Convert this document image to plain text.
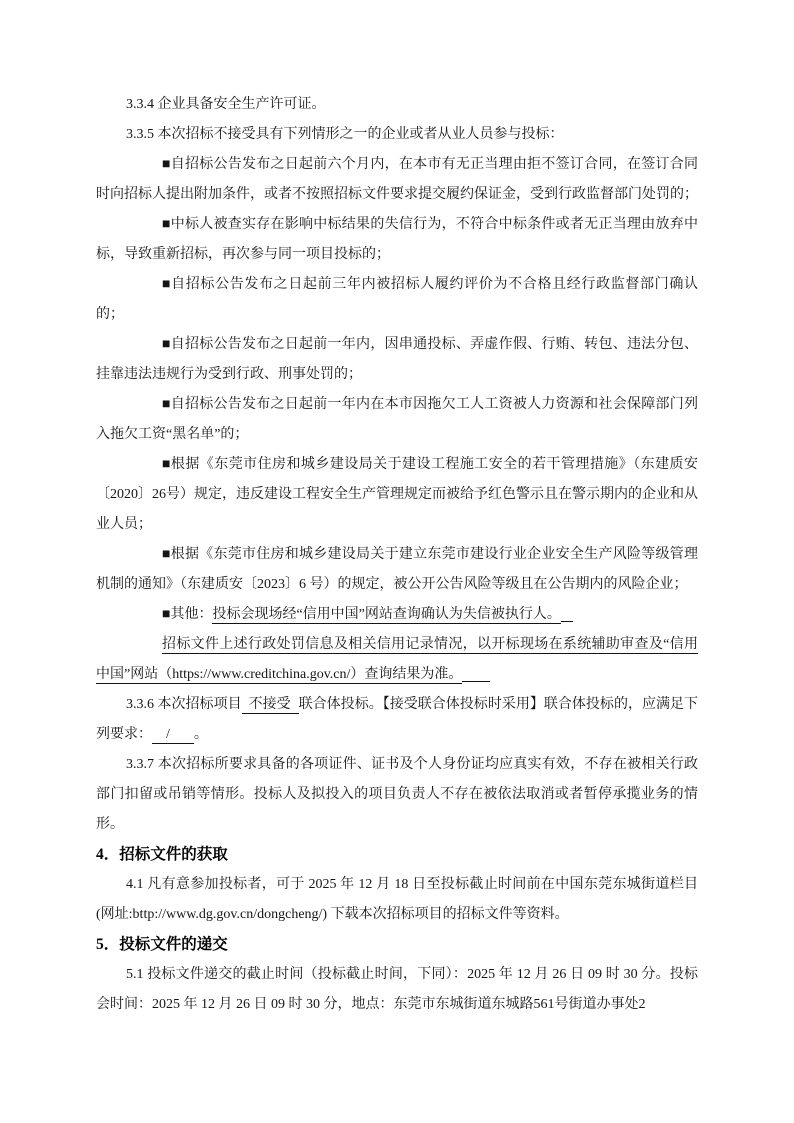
3.3.4 企业具备安全生产许可证。

3.3.5 本次招标不接受具有下列情形之一的企业或者从业人员参与投标：

■自招标公告发布之日起前六个月内，在本市有无正当理由拒不签订合同，在签订合同时向招标人提出附加条件，或者不按照招标文件要求提交履约保证金，受到行政监督部门处罚的；

■中标人被查实存在影响中标结果的失信行为，不符合中标条件或者无正当理由放弃中标，导致重新招标，再次参与同一项目投标的；

■自招标公告发布之日起前三年内被招标人履约评价为不合格且经行政监督部门确认的；

■自招标公告发布之日起前一年内，因串通投标、弄虚作假、行贿、转包、违法分包、挂靠违法违规行为受到行政、刑事处罚的；

■自招标公告发布之日起前一年内在本市因拖欠工人工资被人力资源和社会保障部门列入拖欠工资“黑名单”的；

■根据《东莞市住房和城乡建设局关于建设工程施工安全的若干管理措施》（东建质安〔2020〕26号）规定，违反建设工程安全生产管理规定而被给予红色警示且在警示期内的企业和从业人员；

■根据《东莞市住房和城乡建设局关于建立东莞市建设行业企业安全生产风险等级管理机制的通知》（东建质安〔2023〕6 号）的规定，被公开公告风险等级且在公告期内的风险企业；

■其他：投标会现场经“信用中国”网站查询确认为失信被执行人。

招标文件上述行政处罚信息及相关信用记录情况，以开标现场在系统辅助审查及“信用中国”网站（https://www.creditchina.gov.cn/）查询结果为准。

3.3.6 本次招标项目 不接受 联合体投标。【接受联合体投标时采用】联合体投标的，应满足下列要求： / 。

3.3.7 本次招标所要求具备的各项证件、证书及个人身份证均应真实有效，不存在被相关行政部门扣留或吊销等情形。投标人及拟投入的项目负责人不存在被依法取消或者暂停承揽业务的情形。

4．招标文件的获取

4.1 凡有意参加投标者，可于 2025 年 12 月 18 日至投标截止时间前在中国东莞东城街道栏目(网址:bttp://www.dg.gov.cn/dongcheng/) 下载本次招标项目的招标文件等资料。

5．投标文件的递交

5.1 投标文件递交的截止时间（投标截止时间，下同）：2025 年 12 月 26 日 09 时 30 分。投标会时间：2025 年 12 月 26 日 09 时 30 分，地点：东莞市东城街道东城路561号街道办事处2
